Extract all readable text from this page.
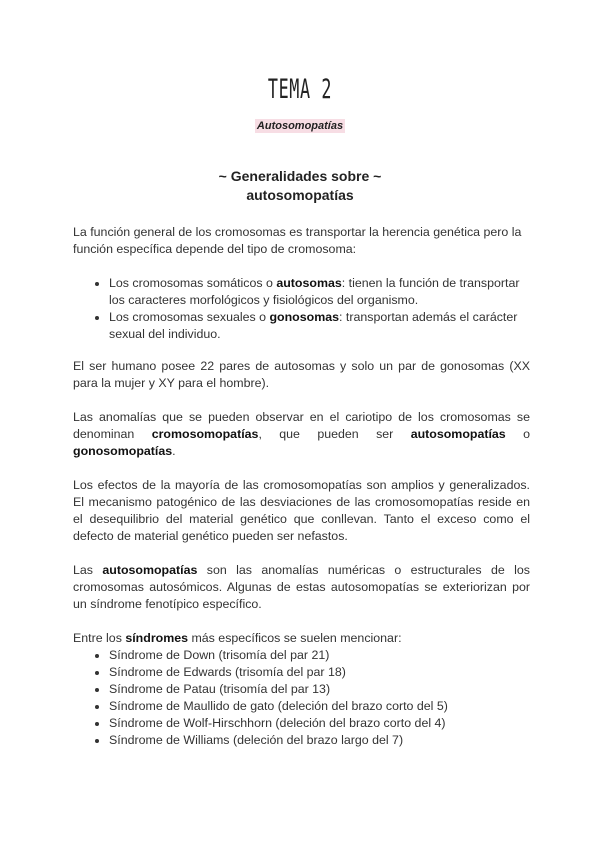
TEMA 2
Autosomopatías
~ Generalidades sobre ~
autosomopatías

La función general de los cromosomas es transportar la herencia genética pero la función específica depende del tipo de cromosoma:

• Los cromosomas somáticos o autosomas: tienen la función de transportar los caracteres morfológicos y fisiológicos del organismo.
• Los cromosomas sexuales o gonosomas: transportan además el carácter sexual del individuo.

El ser humano posee 22 pares de autosomas y solo un par de gonosomas (XX para la mujer y XY para el hombre).

Las anomalías que se pueden observar en el cariotipo de los cromosomas se denominan cromosomopatías, que pueden ser autosomopatías o gonosomopatías.

Los efectos de la mayoría de las cromosomopatías son amplios y generalizados. El mecanismo patogénico de las desviaciones de las cromosomopatías reside en el desequilibrio del material genético que conllevan. Tanto el exceso como el defecto de material genético pueden ser nefastos.

Las autosomopatías son las anomalías numéricas o estructurales de los cromosomas autosómicos. Algunas de estas autosomopatías se exteriorizan por un síndrome fenotípico específico.

Entre los síndromes más específicos se suelen mencionar:

• Síndrome de Down (trisomía del par 21)
• Síndrome de Edwards (trisomía del par 18)
• Síndrome de Patau (trisomía del par 13)
• Síndrome de Maullido de gato (deleción del brazo corto del 5)
• Síndrome de Wolf-Hirschhorn (deleción del brazo corto del 4)
• Síndrome de Williams (deleción del brazo largo del 7)
